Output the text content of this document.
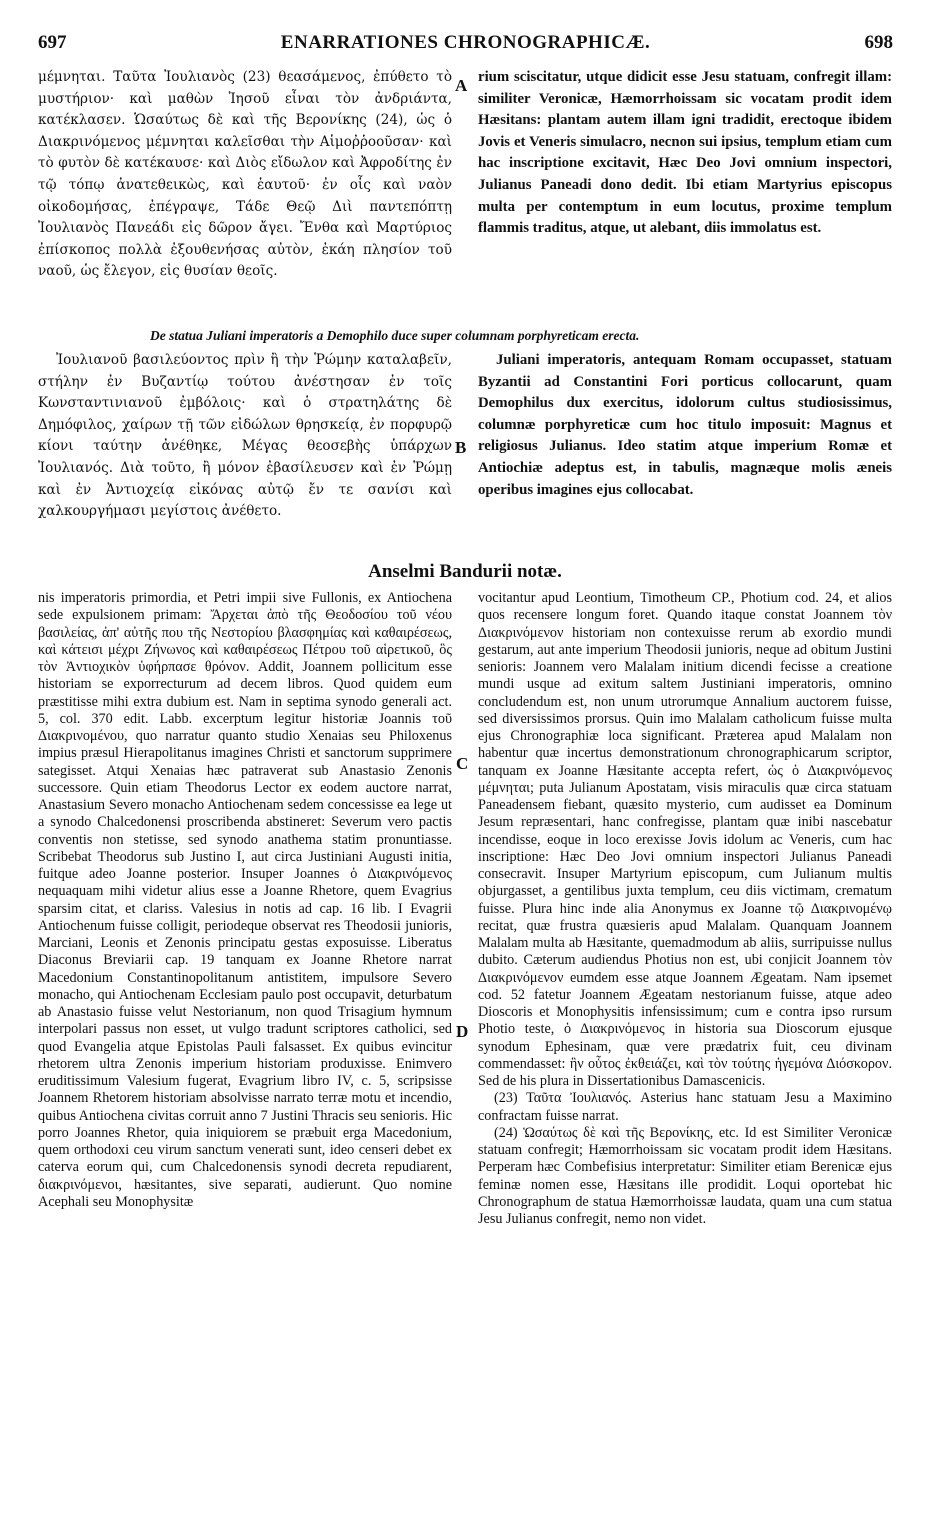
697	ENARRATIONES CHRONOGRAPHICÆ.	698

μέμνηται. Ταῦτα Ἰουλιανὸς (23) θεασάμενος, ἐπύθετο τὸ μυστήριον· καὶ μαθὼν Ἰησοῦ εἶναι τὸν ἀνδριάντα, κατέκλασεν. Ὡσαύτως δὲ καὶ τῆς Βερονίκης (24), ὡς ὁ Διακρινόμενος μέμνηται καλεῖσθαι τὴν Αἱμοῤῥοοῦσαν· καὶ τὸ φυτὸν δὲ κατέκαυσε· καὶ Διὸς εἴδωλον καὶ Ἀφροδίτης ἐν τῷ τόπῳ ἀνατεθεικὼς, καὶ ἑαυτοῦ· ἐν οἷς καὶ ναὸν οἰκοδομήσας, ἐπέγραψε, Τάδε Θεῷ Διὶ παντεπόπτῃ Ἰουλιανὸς Πανεάδι εἰς δῶρον ἄγει. Ἔνθα καὶ Μαρτύριος ἐπίσκοπος πολλὰ ἐξουθενήσας αὐτὸν, ἐκάη πλησίον τοῦ ναοῦ, ὡς ἔλεγον, εἰς θυσίαν θεοῖς.

A rium sciscitatur, utque didicit esse Jesu statuam, confregit illam: similiter Veronicæ, Hæmorrhoissam sic vocatam prodit idem Hæsitans: plantam autem illam igni tradidit, erectoque ibidem Jovis et Veneris simulacro, necnon sui ipsius, templum etiam cum hac inscriptione excitavit, Hæc Deo Jovi omnium inspectori, Julianus Panеadi dono dedit. Ibi etiam Martyrius episcopus multa per contemptum in eum locutus, proxime templum flammis traditus, atque, ut alebant, diis immolatus est.

De statua Juliani imperatoris a Demophilo duce super columnam porphyreticam erecta.

Ἰουλιανοῦ βασιλεύοντος πρὶν ἢ τὴν Ῥώμην καταλαβεῖν, στήλην ἐν Βυζαντίῳ τούτου ἀνέστησαν ἐν τοῖς Κωνσταντινιανοῦ ἐμβόλοις· καὶ ὁ στρατηλάτης δὲ Δημόφιλος, χαίρων τῇ τῶν εἰδώλων θρησκείᾳ, ἐν πορφυρῷ κίονι ταύτην ἀνέθηκε, Μέγας θεοσεβὴς ὑπάρχων Ἰουλιανός. Διὰ τοῦτο, ἢ μόνον ἐβασίλευσεν καὶ ἐν Ῥώμῃ καὶ ἐν Ἀντιοχείᾳ εἰκόνας αὐτῷ ἔν τε σανίσι καὶ χαλκουργήμασι μεγίστοις ἀνέθετο.

B

Juliani imperatoris, antequam Romam occupasset, statuam Byzantii ad Constantini Fori porticus collocarunt, quam Demophilus dux exercitus, idolorum cultus studiosissimus, columnæ porphyreticæ cum hoc titulo imposuit: Magnus et religiosus Julianus. Ideo statim atque imperium Romæ et Antiochiæ adeptus est, in tabulis, magnæque molis æneis operibus imagines ejus collocabat.

Anselmi Bandurii notæ.

nis imperatoris primordia, et Petri impii sive Fullonis, ex Antiochena sede expulsionem primam: Ἄρχεται ἀπὸ τῆς Θεοδοσίου τοῦ νέου βασιλείας, ἀπ' αὐτῆς που τῆς Νεστορίου βλασφημίας καὶ καθαιρέσεως, καὶ κάτεισι μέχρι Ζήνωνος καὶ καθαιρέσεως Πέτρου τοῦ αἱρετικοῦ, ὃς τὸν Ἀντιοχικὸν ὑφήρπασε θρόνον. Addit, Joannem pollicitum esse historiam se exporrecturum ad decem libros. Quod quidem eum præstitisse mihi extra dubium est. Nam in septima synodo generali act. 5, col. 370 edit. Labb. excerptum legitur historiæ Joannis τοῦ Διακρινομένου, quo narratur quanto studio Xenaias seu Philoxenus impius præsul Hierapolitanus imagines Christi et sanctorum supprimere sategisset. Atqui Xenaias hæc patraverat sub Anastasio Zenonis successore. Quin etiam Theodorus Lector ex eodem auctore narrat, Anastasium Severo monacho Antiochenam sedem concessisse ea lege ut a synodo Chalcedonensi proscribenda abstineret: Severum vero pactis conventis non stetisse, sed synodo anathema statim pronuntiasse. Scribebat Theodorus sub Justino I, aut circa Justiniani Augusti initia, fuitque adeo Joanne posterior. Insuper Joannes ὁ Διακρινόμενος nequaquam mihi videtur alius esse a Joanne Rhetore, quem Evagrius sparsim citat, et clariss. Valesius in notis ad cap. 16 lib. I Evagrii Antiochenum fuisse colligit, periodeque observat res Theodosii junioris, Marciani, Leonis et Zenonis principatu gestas exposuisse. Liberatus Diaconus Breviarii cap. 19 tanquam ex Joanne Rhetore narrat Macedonium Constantinopolitanum antistitem, impulsore Severo monacho, qui Antiochenam Ecclesiam paulo post occupavit, deturbatum ab Anastasio fuisse velut Nestorianum, non quod Trisagium hymnum interpolari passus non esset, ut vulgo tradunt scriptores catholici, sed quod Evangelia atque Epistolas Pauli falsasset. Ex quibus evincitur rhetorem ultra Zenonis imperium historiam produxisse. Enimvero eruditissimum Valesium fugerat, Evagrium libro IV, c. 5, scripsisse Joannem Rhetorem historiam absolvisse narrato terræ motu et incendio, quibus Antiochena civitas corruit anno 7 Justini Thracis seu senioris. Hic porro Joannes Rhetor, quia iniquiorem se præbuit erga Macedonium, quem orthodoxi ceu virum sanctum venerati sunt, ideo censeri debet ex caterva eorum qui, cum Chalcedonensis synodi decreta repudiarent, διακρινόμενοι, hæsitantes, sive separati, audierunt. Quo nomine Acephali seu Monophysitæ

C
D

vocitantur apud Leontium, Timotheum CP., Photium cod. 24, et alios quos recensere longum foret. Quando itaque constat Joannem τὸν Διακρινόμενον historiam non contexuisse rerum ab exordio mundi gestarum, aut ante imperium Theodosii junioris, neque ad obitum Justini senioris: Joannem vero Malalam initium dicendi fecisse a creatione mundi usque ad exitum saltem Justiniani imperatoris, omnino concludendum est, non unum utrorumque Annalium auctorem fuisse, sed diversissimos prorsus. Quin imo Malalam catholicum fuisse multa ejus Chronographiæ loca significant. Præterea apud Malalam non habentur quæ incertus demonstrationum chronographicarum scriptor, tanquam ex Joanne Hæsitante accepta refert, ὡς ὁ Διακρινόμενος μέμνηται; puta Julianum Apostatam, visis miraculis quæ circa statuam Paneadensem fiebant, quæsito mysterio, cum audisset ea Dominum Jesum repræsentari, hanc confregisse, plantam quæ inibi nascebatur incendisse, eoque in loco erexisse Jovis idolum ac Veneris, cum hac inscriptione: Hæc Deo Jovi omnium inspectori Julianus Paneadi consecravit. Insuper Martyrium episcopum, cum Julianum multis objurgasset, a gentilibus juxta templum, ceu diis victimam, crematum fuisse. Plura hinc inde alia Anonymus ex Joanne τῷ Διακρινομένῳ recitat, quæ frustra quæsieris apud Malalam. Quanquam Joannem Malalam multa ab Hæsitante, quemadmodum ab aliis, surripuisse nullus dubito. Cæterum audiendus Photius non est, ubi conjicit Joannem τὸν Διακρινόμενον eumdem esse atque Joannem Ægeatam. Nam ipsemet cod. 52 fatetur Joannem Ægeatam nestorianum fuisse, atque adeo Dioscoris et Monophysitis infensissimum; cum e contra ipso rursum Photio teste, ὁ Διακρινόμενος in historia sua Dioscorum ejusque synodum Ephesinam, quæ vere prædatrix fuit, ceu divinam commendasset: ἣν οὗτος ἐκθειάζει, καὶ τὸν τούτης ἡγεμόνα Διόσκορον. Sed de his plura in Dissertationibus Damascenicis.

(23) Ταῦτα Ἰουλιανός. Asterius hanc statuam Jesu a Maximino confractam fuisse narrat.

(24) Ὡσαύτως δὲ καὶ τῆς Βερονίκης, etc. Id est Similiter Veronicæ statuam confregit; Hæmorrhoissam sic vocatam prodit idem Hæsitans. Perperam hæc Combefisius interpretatur: Similiter etiam Berenicæ ejus feminæ nomen esse, Hæsitans ille prodidit. Loqui oportebat hic Chronographum de statua Hæmorrhoissæ laudata, quam una cum statua Jesu Julianus confregit, nemo non videt.
